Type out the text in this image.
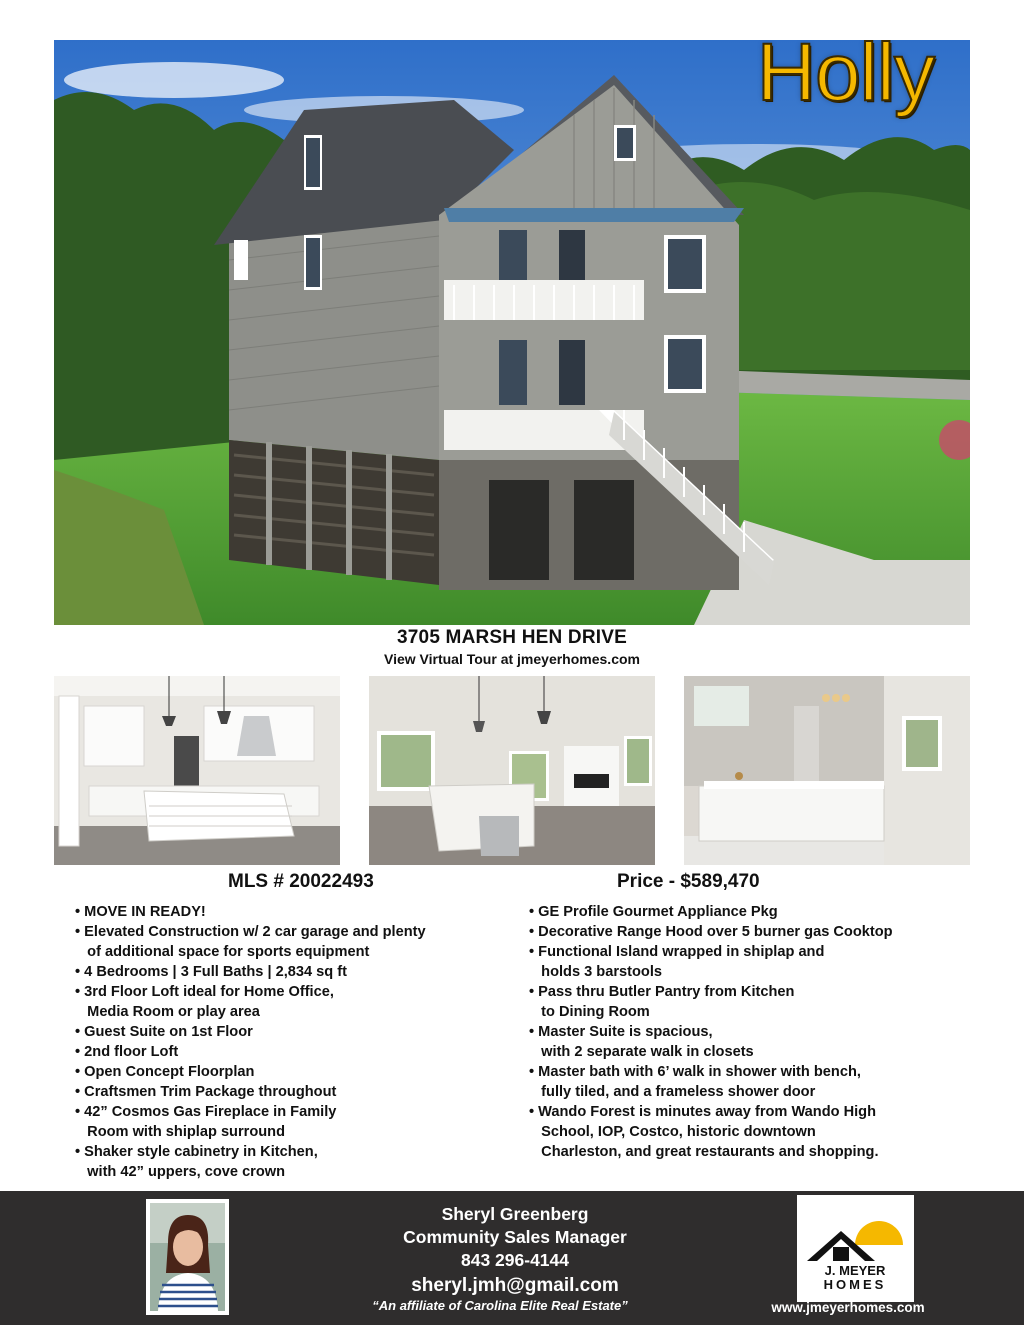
Holly
3705 MARSH HEN DRIVE
View Virtual Tour at jmeyerhomes.com
MLS # 20022493	Price - $589,470
• MOVE IN READY!
• Elevated Construction w/ 2 car garage and plenty
of additional space for sports equipment
• 4 Bedrooms | 3 Full Baths | 2,834 sq ft
• 3rd Floor Loft ideal for Home Office,
Media Room or play area
• Guest Suite on 1st Floor
• 2nd floor Loft
• Open Concept Floorplan
• Craftsmen Trim Package throughout
• 42” Cosmos Gas Fireplace in Family
Room with shiplap surround
• Shaker style cabinetry in Kitchen,
with 42” uppers, cove crown
• GE Profile Gourmet Appliance Pkg
• Decorative Range Hood over 5 burner gas Cooktop
• Functional Island wrapped in shiplap and
holds 3 barstools
• Pass thru Butler Pantry from Kitchen
to Dining Room
• Master Suite is spacious,
with 2 separate walk in closets
• Master bath with 6’ walk in shower with bench,
fully tiled, and a frameless shower door
• Wando Forest is minutes away from Wando High
School, IOP, Costco, historic downtown
Charleston, and great restaurants and shopping.
Sheryl Greenberg
Community Sales Manager
843 296-4144
sheryl.jmh@gmail.com
“An affiliate of Carolina Elite Real Estate”
J. MEYER
HOMES
www.jmeyerhomes.com
